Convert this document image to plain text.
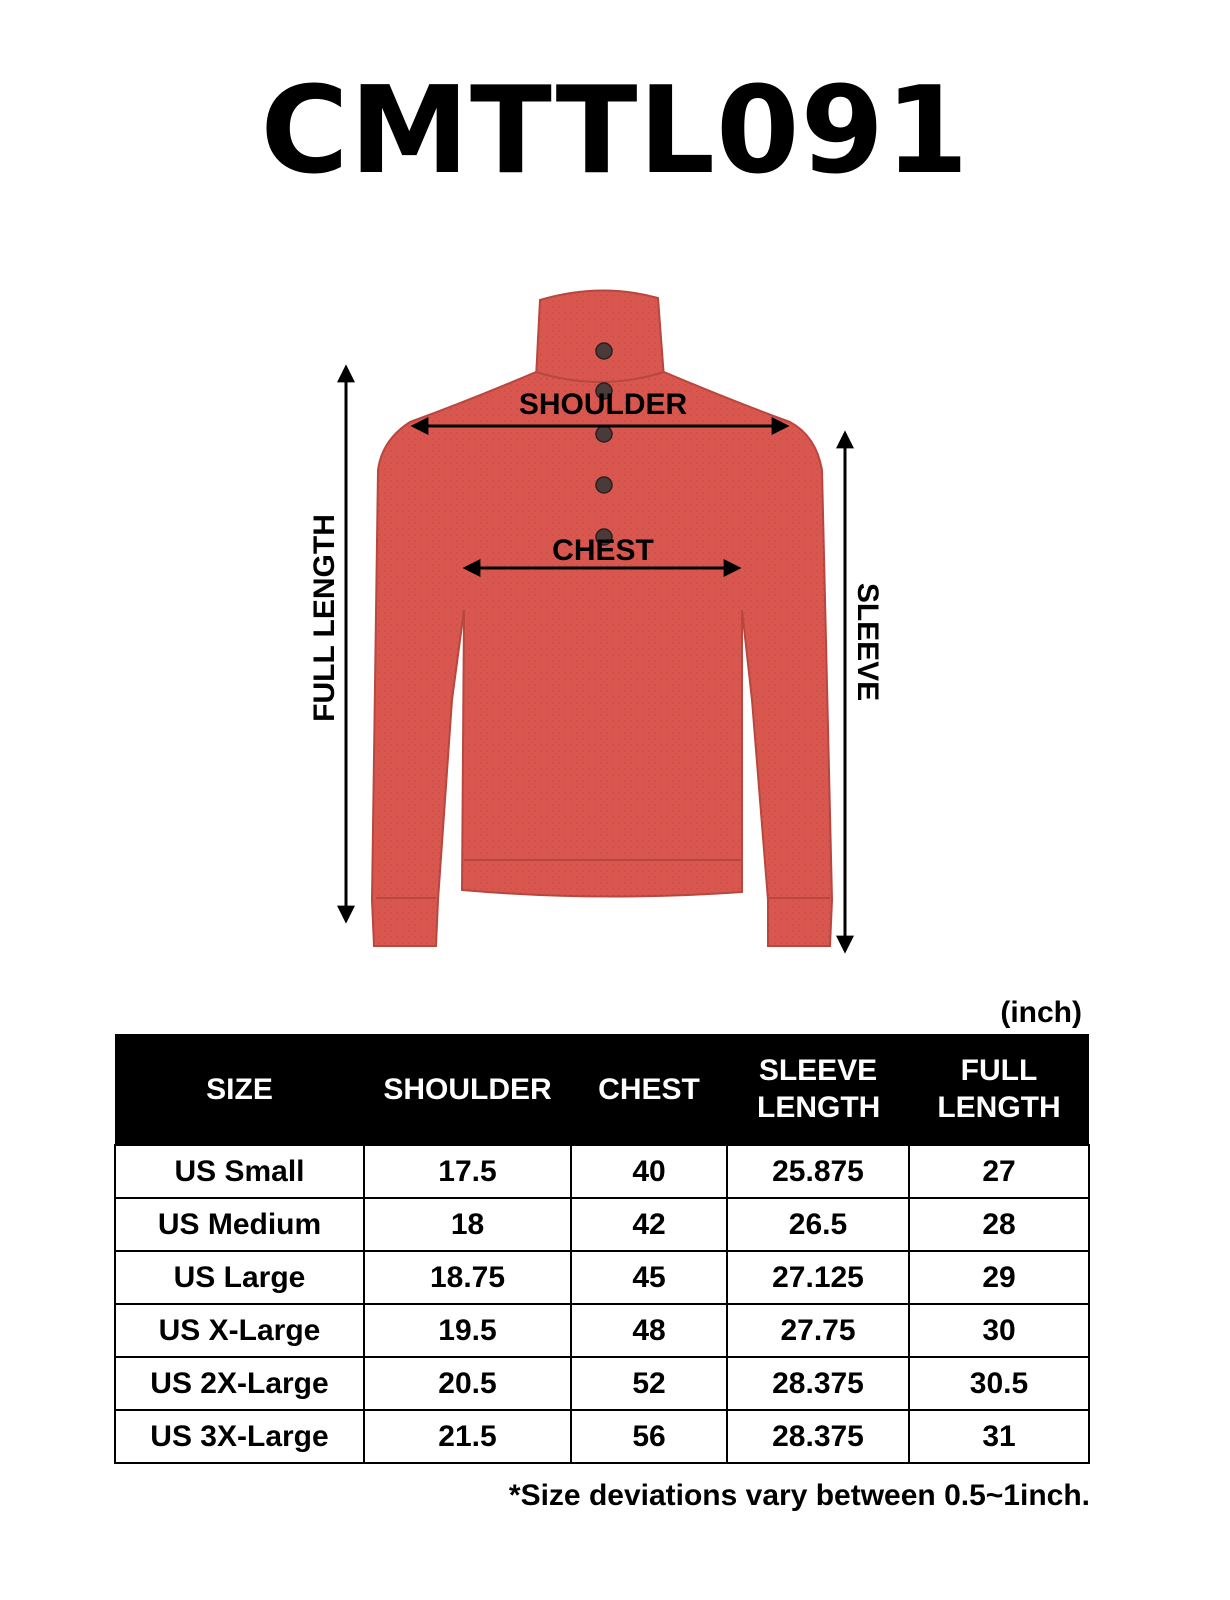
CMTTL091
SHOULDER
CHEST
FULL LENGTH	SLEEVE
(inch)
SIZE	SHOULDER	CHEST	SLEEVE LENGTH	FULL LENGTH
US Small	17.5	40	25.875	27
US Medium	18	42	26.5	28
US Large	18.75	45	27.125	29
US X-Large	19.5	48	27.75	30
US 2X-Large	20.5	52	28.375	30.5
US 3X-Large	21.5	56	28.375	31
*Size deviations vary between 0.5~1inch.
